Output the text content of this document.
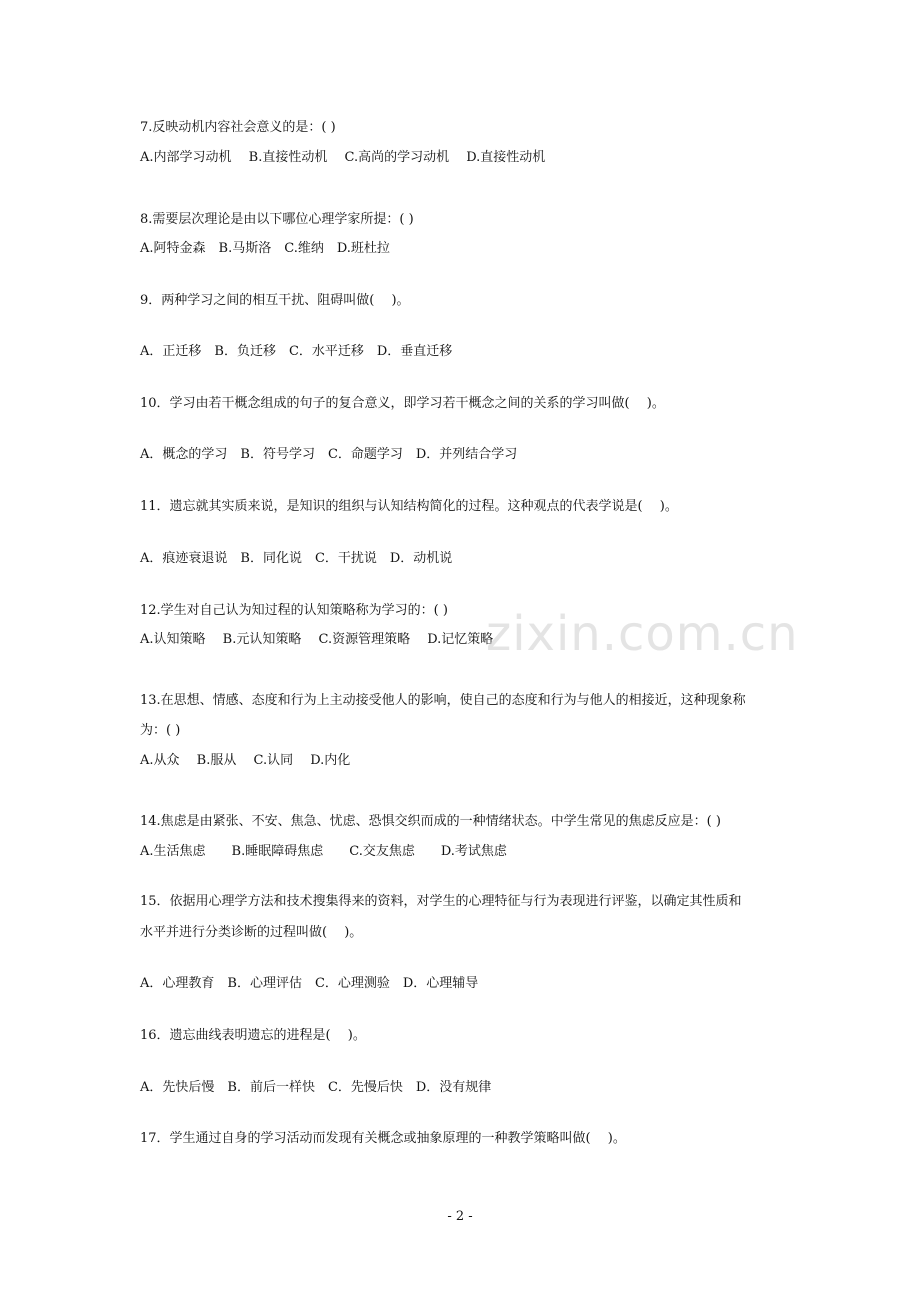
7.反映动机内容社会意义的是：( )

A.内部学习动机　 B.直接性动机　 C.高尚的学习动机　 D.直接性动机

8.需要层次理论是由以下哪位心理学家所提：( )

A.阿特金森　B.马斯洛　C.维纳　D.班杜拉

9．两种学习之间的相互干扰、阻碍叫做(　 )。

A．正迁移　B．负迁移　C．水平迁移　D．垂直迁移

10．学习由若干概念组成的句子的复合意义，即学习若干概念之间的关系的学习叫做(　 )。

A．概念的学习　B．符号学习　C．命题学习　D．并列结合学习

11．遗忘就其实质来说，是知识的组织与认知结构简化的过程。这种观点的代表学说是(　 )。

A．痕迹衰退说　B．同化说　C．干扰说　D．动机说

12.学生对自己认为知过程的认知策略称为学习的：( )

A.认知策略　 B.元认知策略　 C.资源管理策略　 D.记忆策略

13.在思想、情感、态度和行为上主动接受他人的影响，使自己的态度和行为与他人的相接近，这种现象称

为：( )

A.从众　 B.服从　 C.认同　 D.内化

14.焦虑是由紧张、不安、焦急、忧虑、恐惧交织而成的一种情绪状态。中学生常见的焦虑反应是：( )

A.生活焦虑　　B.睡眠障碍焦虑　　C.交友焦虑　　D.考试焦虑

15．依据用心理学方法和技术搜集得来的资料，对学生的心理特征与行为表现进行评鉴，以确定其性质和

水平并进行分类诊断的过程叫做(　 )。

A．心理教育　B．心理评估　C．心理测验　D．心理辅导

16．遗忘曲线表明遗忘的进程是(　 )。

A．先快后慢　B．前后一样快　C．先慢后快　D．没有规律

17．学生通过自身的学习活动而发现有关概念或抽象原理的一种教学策略叫做(　 )。

zixin.com.cn
- 2 -
